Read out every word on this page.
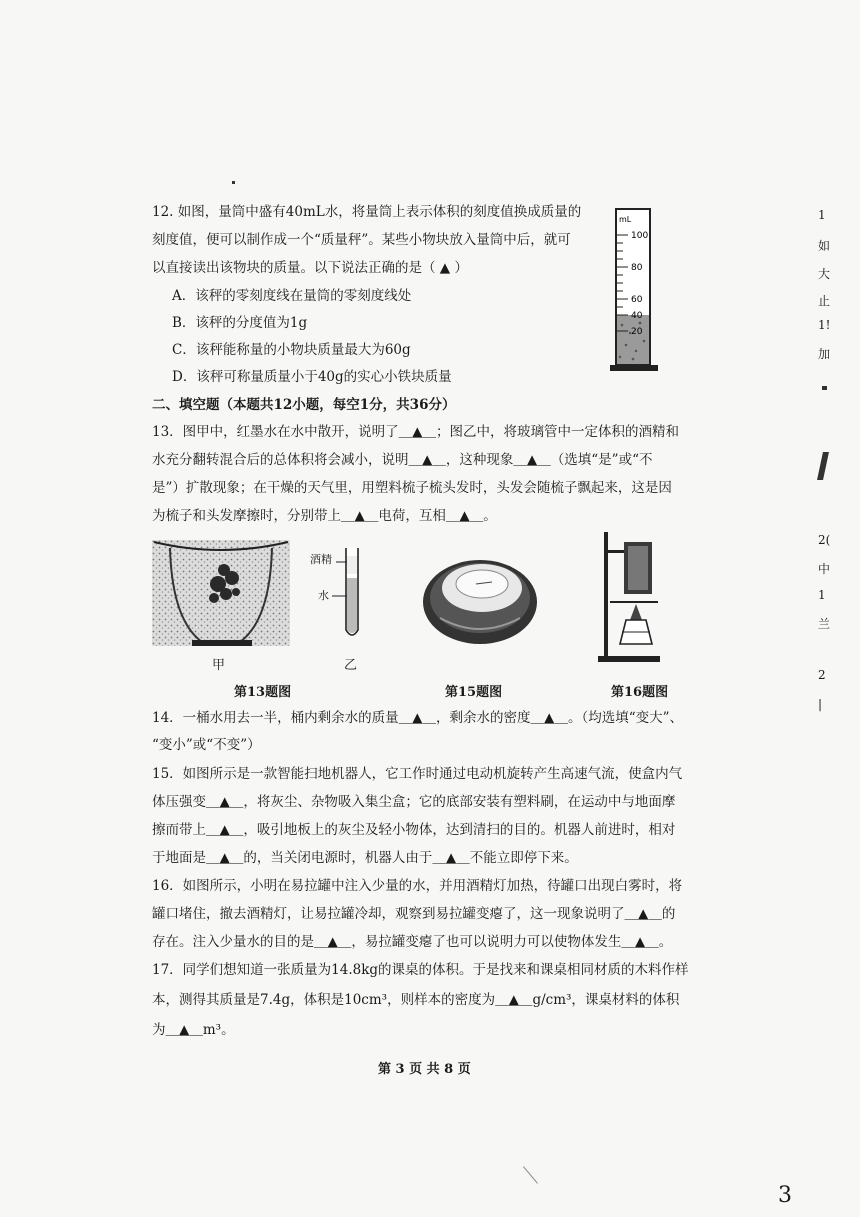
12. 如图，量筒中盛有40mL水，将量筒上表示体积的刻度值换成质量的
刻度值，便可以制作成一个“质量秤”。某些小物块放入量筒中后，就可
以直接读出该物块的质量。以下说法正确的是（ ▲ ）
A．该秤的零刻度线在量筒的零刻度线处
B．该秤的分度值为1g
C．该秤能称量的小物块质量最大为60g
D．该秤可称量质量小于40g的实心小铁块质量
mL
100
80
60
40
20
二、填空题（本题共12小题，每空1分，共36分）
13．图甲中，红墨水在水中散开，说明了＿▲＿；图乙中，将玻璃管中一定体积的酒精和
水充分翻转混合后的总体积将会减小，说明＿▲＿，这种现象＿▲＿（选填“是”或“不
是”）扩散现象；在干燥的天气里，用塑料梳子梳头发时，头发会随梳子飘起来，这是因
为梳子和头发摩擦时，分别带上＿▲＿电荷，互相＿▲＿。
甲
酒精
水
乙
第13题图	第15题图	第16题图
14．一桶水用去一半，桶内剩余水的质量＿▲＿，剩余水的密度＿▲＿。（均选填“变大”、
“变小”或“不变”）
15．如图所示是一款智能扫地机器人，它工作时通过电动机旋转产生高速气流，使盒内气
体压强变＿▲＿，将灰尘、杂物吸入集尘盒；它的底部安装有塑料刷，在运动中与地面摩
擦而带上＿▲＿，吸引地板上的灰尘及轻小物体，达到清扫的目的。机器人前进时，相对
于地面是＿▲＿的，当关闭电源时，机器人由于＿▲＿不能立即停下来。
16．如图所示，小明在易拉罐中注入少量的水，并用酒精灯加热，待罐口出现白雾时，将
罐口堵住，撤去酒精灯，让易拉罐冷却，观察到易拉罐变瘪了，这一现象说明了＿▲＿的
存在。注入少量水的目的是＿▲＿，易拉罐变瘪了也可以说明力可以使物体发生＿▲＿。
17．同学们想知道一张质量为14.8kg的课桌的体积。于是找来和课桌相同材质的木料作样
本，测得其质量是7.4g，体积是10cm³，则样本的密度为＿▲＿g/cm³，课桌材料的体积
为＿▲＿m³。
第 3 页 共 8 页
3
1
如
大
止
1!
加
2(
中
1
兰
2
|
